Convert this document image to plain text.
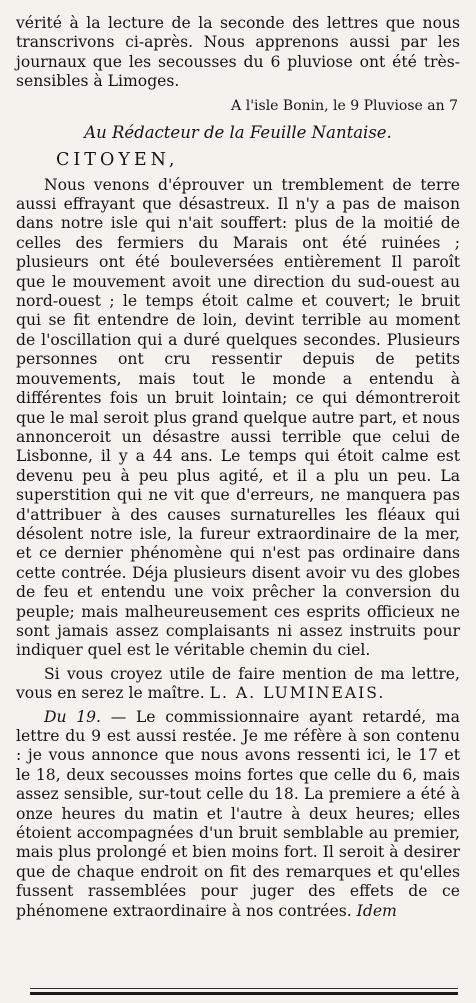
vérité à la lecture de la seconde des lettres que nous transcrivons ci-après. Nous apprenons aussi par les journaux que les secousses du 6 pluviose ont été très-sensibles à Limoges.

A l'isle Bonin, le 9 Pluviose an 7

Au Rédacteur de la Feuille Nantaise.

CITOYEN,

Nous venons d'éprouver un tremblement de terre aussi effrayant que désastreux. Il n'y a pas de maison dans notre isle qui n'ait souffert: plus de la moitié de celles des fermiers du Marais ont été ruinées ; plusieurs ont été bouleversées entièrement Il paroît que le mouvement avoit une direction du sud-ouest au nord-ouest ; le temps étoit calme et couvert; le bruit qui se fit entendre de loin, devint terrible au moment de l'oscillation qui a duré quelques secondes. Plusieurs personnes ont cru ressentir depuis de petits mouvements, mais tout le monde a entendu à différentes fois un bruit lointain; ce qui démontreroit que le mal seroit plus grand quelque autre part, et nous annonceroit un désastre aussi terrible que celui de Lisbonne, il y a 44 ans. Le temps qui étoit calme est devenu peu à peu plus agité, et il a plu un peu. La superstition qui ne vit que d'erreurs, ne manquera pas d'attribuer à des causes surnaturelles les fléaux qui désolent notre isle, la fureur extraordinaire de la mer, et ce dernier phénomène qui n'est pas ordinaire dans cette contrée. Déja plusieurs disent avoir vu des globes de feu et entendu une voix prêcher la conversion du peuple; mais malheureusement ces esprits officieux ne sont jamais assez complaisants ni assez instruits pour indiquer quel est le véritable chemin du ciel.

Si vous croyez utile de faire mention de ma lettre, vous en serez le maître. L. A. LUMINEAIS.

Du 19. — Le commissionnaire ayant retardé, ma lettre du 9 est aussi restée. Je me réfère à son contenu : je vous annonce que nous avons ressenti ici, le 17 et le 18, deux secousses moins fortes que celle du 6, mais assez sensible, sur-tout celle du 18. La premiere a été à onze heures du matin et l'autre à deux heures; elles étoient accompagnées d'un bruit semblable au premier, mais plus prolongé et bien moins fort. Il seroit à desirer que de chaque endroit on fit des remarques et qu'elles fussent rassemblées pour juger des effets de ce phénomene extraordinaire à nos contrées. Idem
